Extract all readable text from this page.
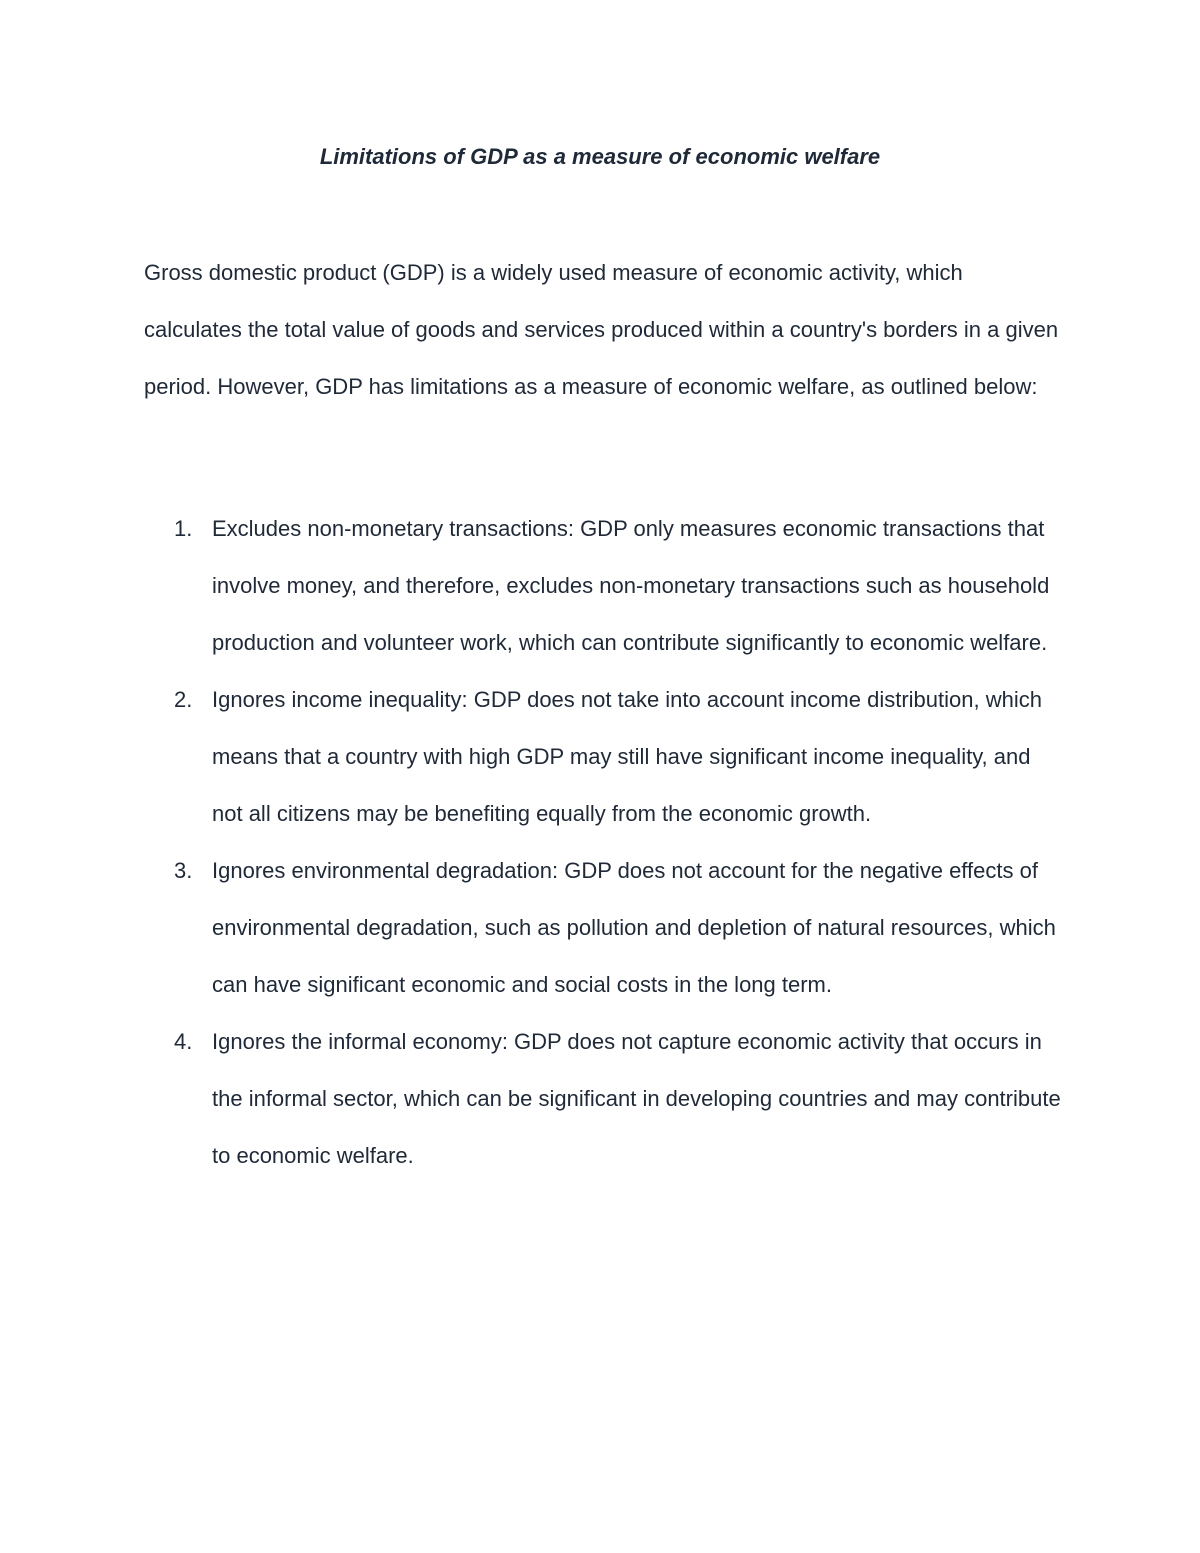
Limitations of GDP as a measure of economic welfare

Gross domestic product (GDP) is a widely used measure of economic activity, which calculates the total value of goods and services produced within a country's borders in a given period. However, GDP has limitations as a measure of economic welfare, as outlined below:

1. Excludes non-monetary transactions: GDP only measures economic transactions that involve money, and therefore, excludes non-monetary transactions such as household production and volunteer work, which can contribute significantly to economic welfare.
2. Ignores income inequality: GDP does not take into account income distribution, which means that a country with high GDP may still have significant income inequality, and not all citizens may be benefiting equally from the economic growth.
3. Ignores environmental degradation: GDP does not account for the negative effects of environmental degradation, such as pollution and depletion of natural resources, which can have significant economic and social costs in the long term.
4. Ignores the informal economy: GDP does not capture economic activity that occurs in the informal sector, which can be significant in developing countries and may contribute to economic welfare.
